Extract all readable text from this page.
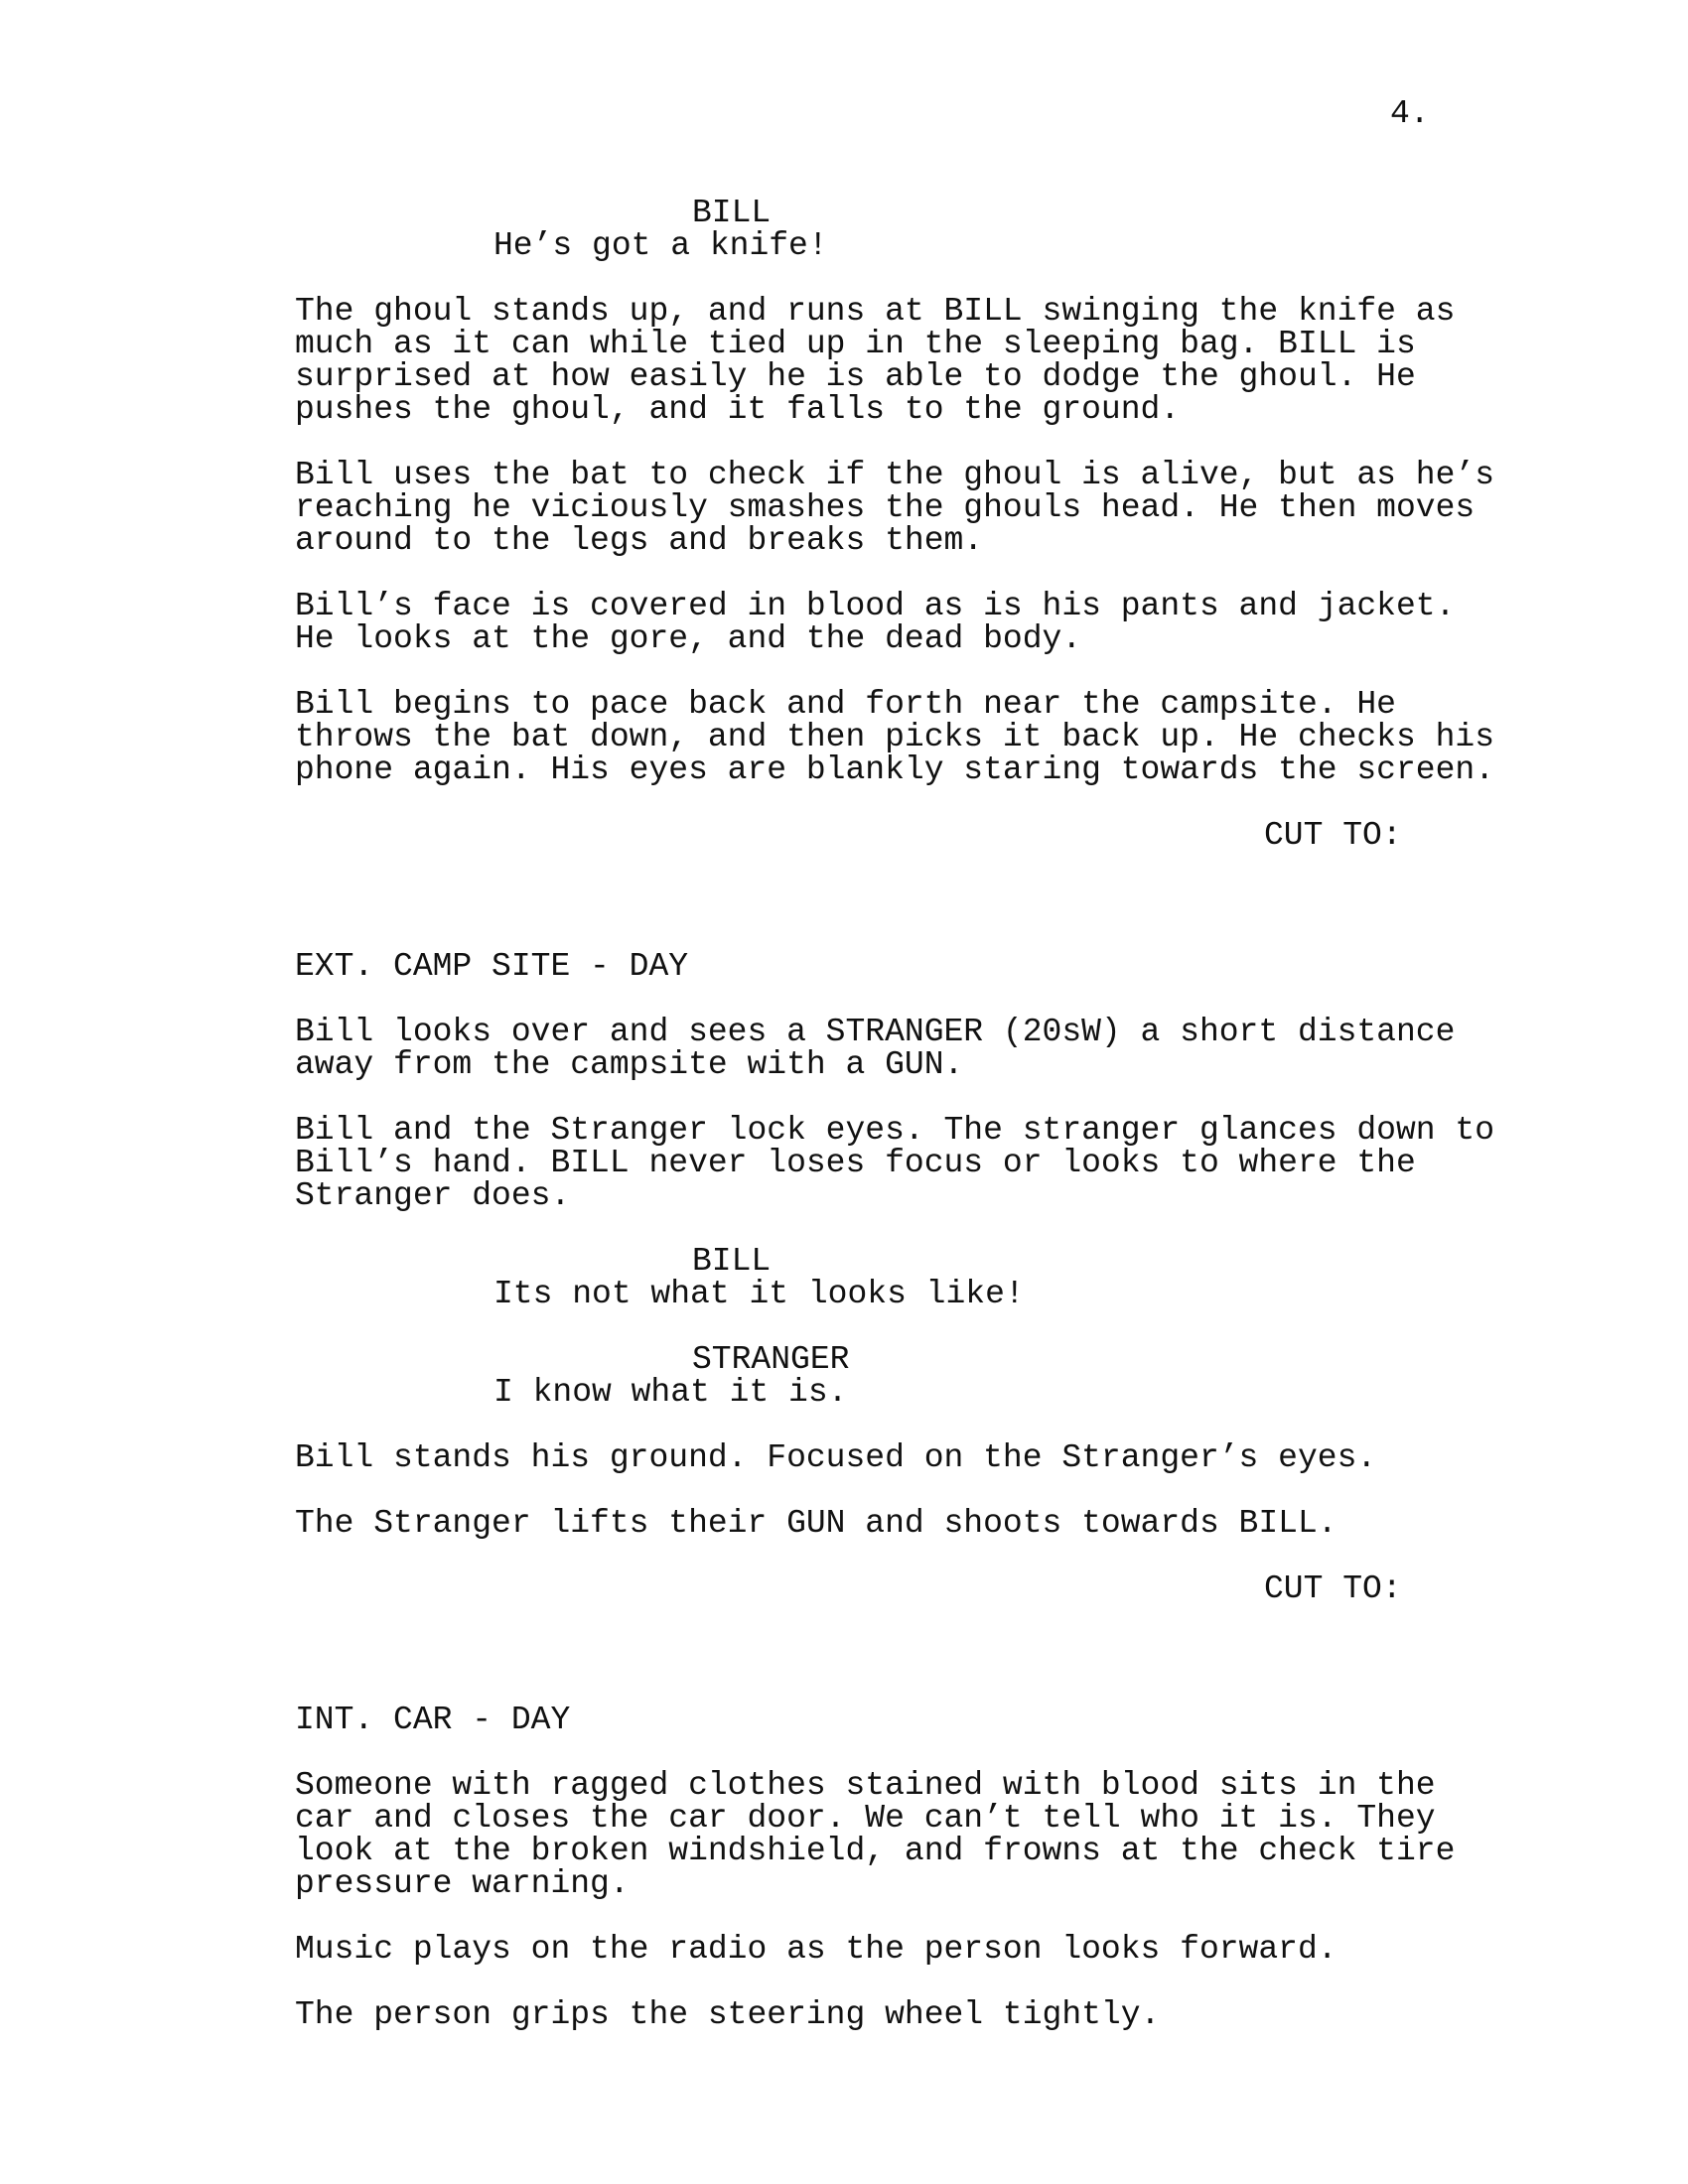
4.
BILL
He’s got a knife!
The ghoul stands up, and runs at BILL swinging the knife as
much as it can while tied up in the sleeping bag. BILL is
surprised at how easily he is able to dodge the ghoul. He
pushes the ghoul, and it falls to the ground.
Bill uses the bat to check if the ghoul is alive, but as he’s
reaching he viciously smashes the ghouls head. He then moves
around to the legs and breaks them.
Bill’s face is covered in blood as is his pants and jacket.
He looks at the gore, and the dead body.
Bill begins to pace back and forth near the campsite. He
throws the bat down, and then picks it back up. He checks his
phone again. His eyes are blankly staring towards the screen.
CUT TO:
EXT. CAMP SITE - DAY
Bill looks over and sees a STRANGER (20sW) a short distance
away from the campsite with a GUN.
Bill and the Stranger lock eyes. The stranger glances down to
Bill’s hand. BILL never loses focus or looks to where the
Stranger does.
BILL
Its not what it looks like!
STRANGER
I know what it is.
Bill stands his ground. Focused on the Stranger’s eyes.
The Stranger lifts their GUN and shoots towards BILL.
CUT TO:
INT. CAR - DAY
Someone with ragged clothes stained with blood sits in the
car and closes the car door. We can’t tell who it is. They
look at the broken windshield, and frowns at the check tire
pressure warning.
Music plays on the radio as the person looks forward.
The person grips the steering wheel tightly.
